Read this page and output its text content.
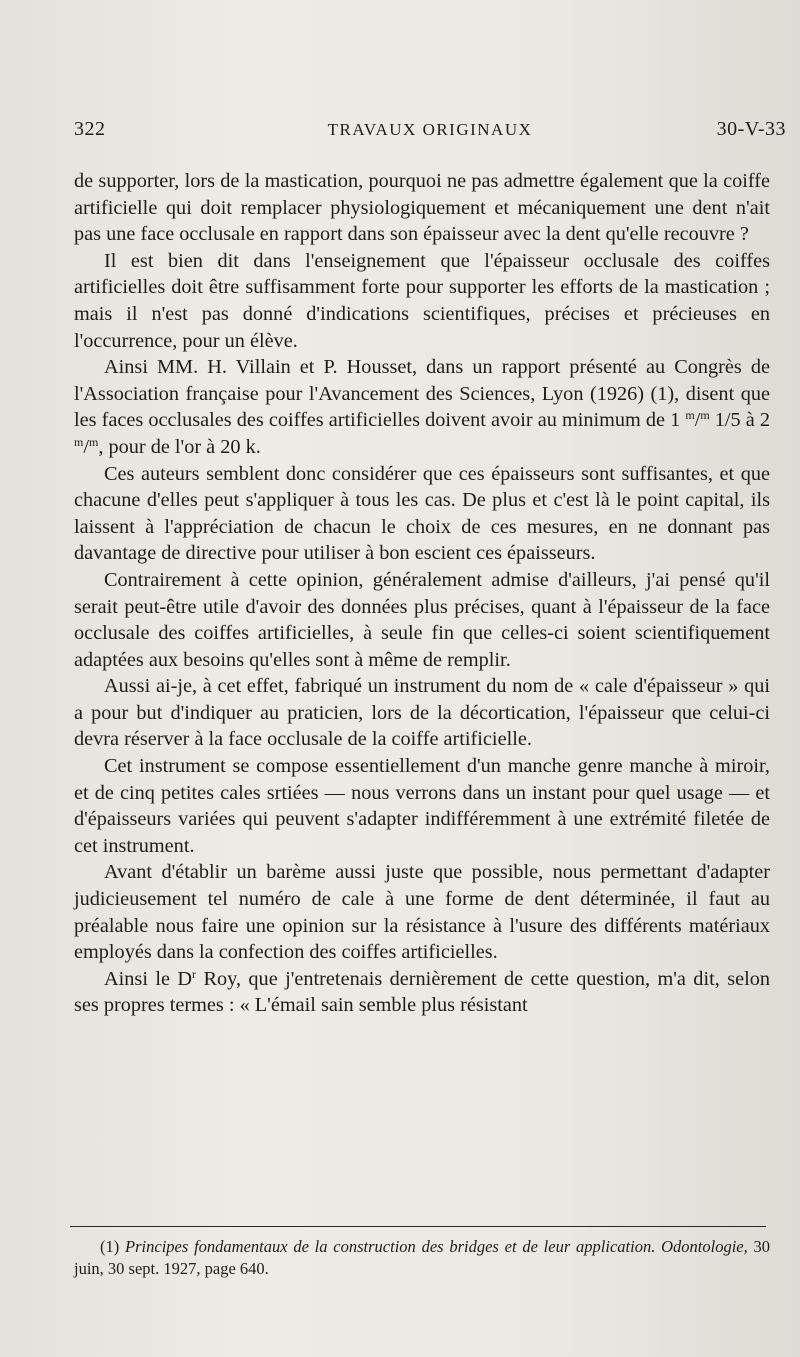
322	TRAVAUX ORIGINAUX	30-V-33

de supporter, lors de la mastication, pourquoi ne pas admettre également que la coiffe artificielle qui doit remplacer physiologiquement et mécaniquement une dent n'ait pas une face occlusale en rapport dans son épaisseur avec la dent qu'elle recouvre ?

Il est bien dit dans l'enseignement que l'épaisseur occlusale des coiffes artificielles doit être suffisamment forte pour supporter les efforts de la mastication ; mais il n'est pas donné d'indications scientifiques, précises et précieuses en l'occurrence, pour un élève.

Ainsi MM. H. Villain et P. Housset, dans un rapport présenté au Congrès de l'Association française pour l'Avancement des Sciences, Lyon (1926) (1), disent que les faces occlusales des coiffes artificielles doivent avoir au minimum de 1 $^m$/$^m$ 1/5 à 2 $^m$/$^m$, pour de l'or à 20 k.

Ces auteurs semblent donc considérer que ces épaisseurs sont suffisantes, et que chacune d'elles peut s'appliquer à tous les cas. De plus et c'est là le point capital, ils laissent à l'appréciation de chacun le choix de ces mesures, en ne donnant pas davantage de directive pour utiliser à bon escient ces épaisseurs.

Contrairement à cette opinion, généralement admise d'ailleurs, j'ai pensé qu'il serait peut-être utile d'avoir des données plus précises, quant à l'épaisseur de la face occlusale des coiffes artificielles, à seule fin que celles-ci soient scientifiquement adaptées aux besoins qu'elles sont à même de remplir.

Aussi ai-je, à cet effet, fabriqué un instrument du nom de « cale d'épaisseur » qui a pour but d'indiquer au praticien, lors de la décortication, l'épaisseur que celui-ci devra réserver à la face occlusale de la coiffe artificielle.

Cet instrument se compose essentiellement d'un manche genre manche à miroir, et de cinq petites cales srtiées — nous verrons dans un instant pour quel usage — et d'épaisseurs variées qui peuvent s'adapter indifféremment à une extrémité filetée de cet instrument.

Avant d'établir un barème aussi juste que possible, nous permettant d'adapter judicieusement tel numéro de cale à une forme de dent déterminée, il faut au préalable nous faire une opinion sur la résistance à l'usure des différents matériaux employés dans la confection des coiffes artificielles.

Ainsi le $D^r$ Roy, que j'entretenais dernièrement de cette question, m'a dit, selon ses propres termes : « L'émail sain semble plus résistant

(1) Principes fondamentaux de la construction des bridges et de leur application. Odontologie, 30 juin, 30 sept. 1927, page 640.
